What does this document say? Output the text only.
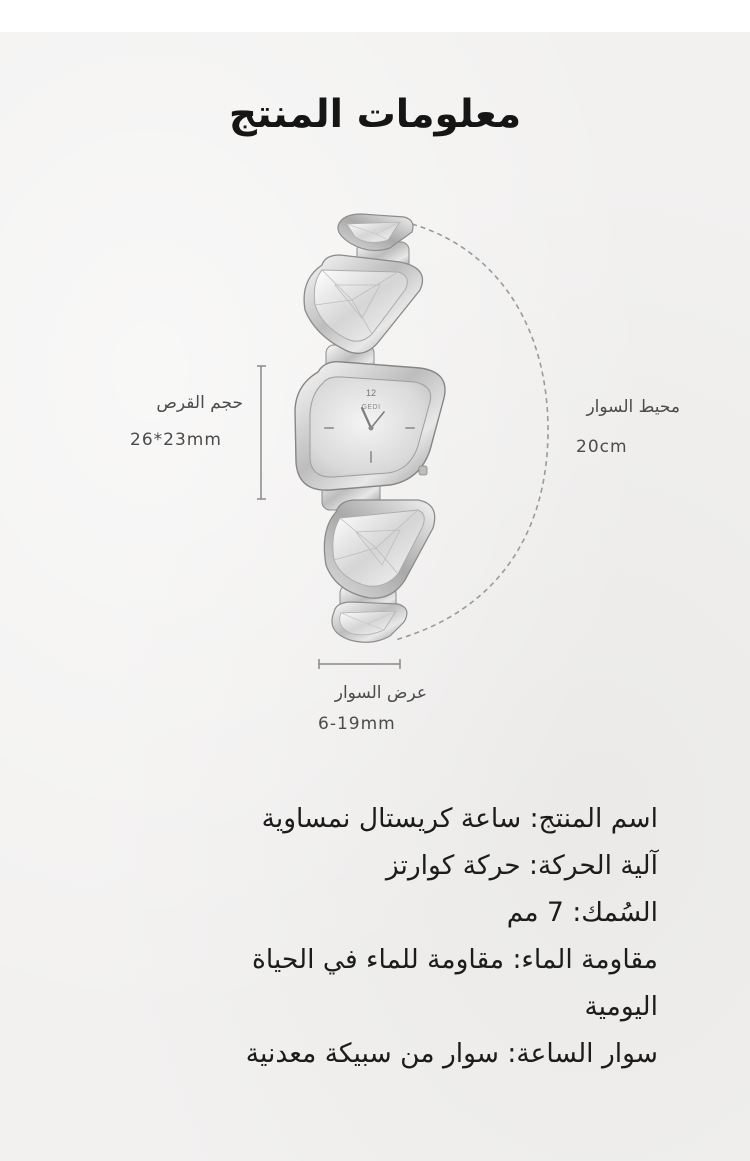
معلومات المنتج
12
GEDI
حجم القرص
26*23mm
محيط السوار
20cm
عرض السوار
6-19mm
اسم المنتج: ساعة كريستال نمساوية
آلية الحركة: حركة كوارتز
السُمك: 7 مم
مقاومة الماء: مقاومة للماء في الحياة
اليومية
سوار الساعة: سوار من سبيكة معدنية
